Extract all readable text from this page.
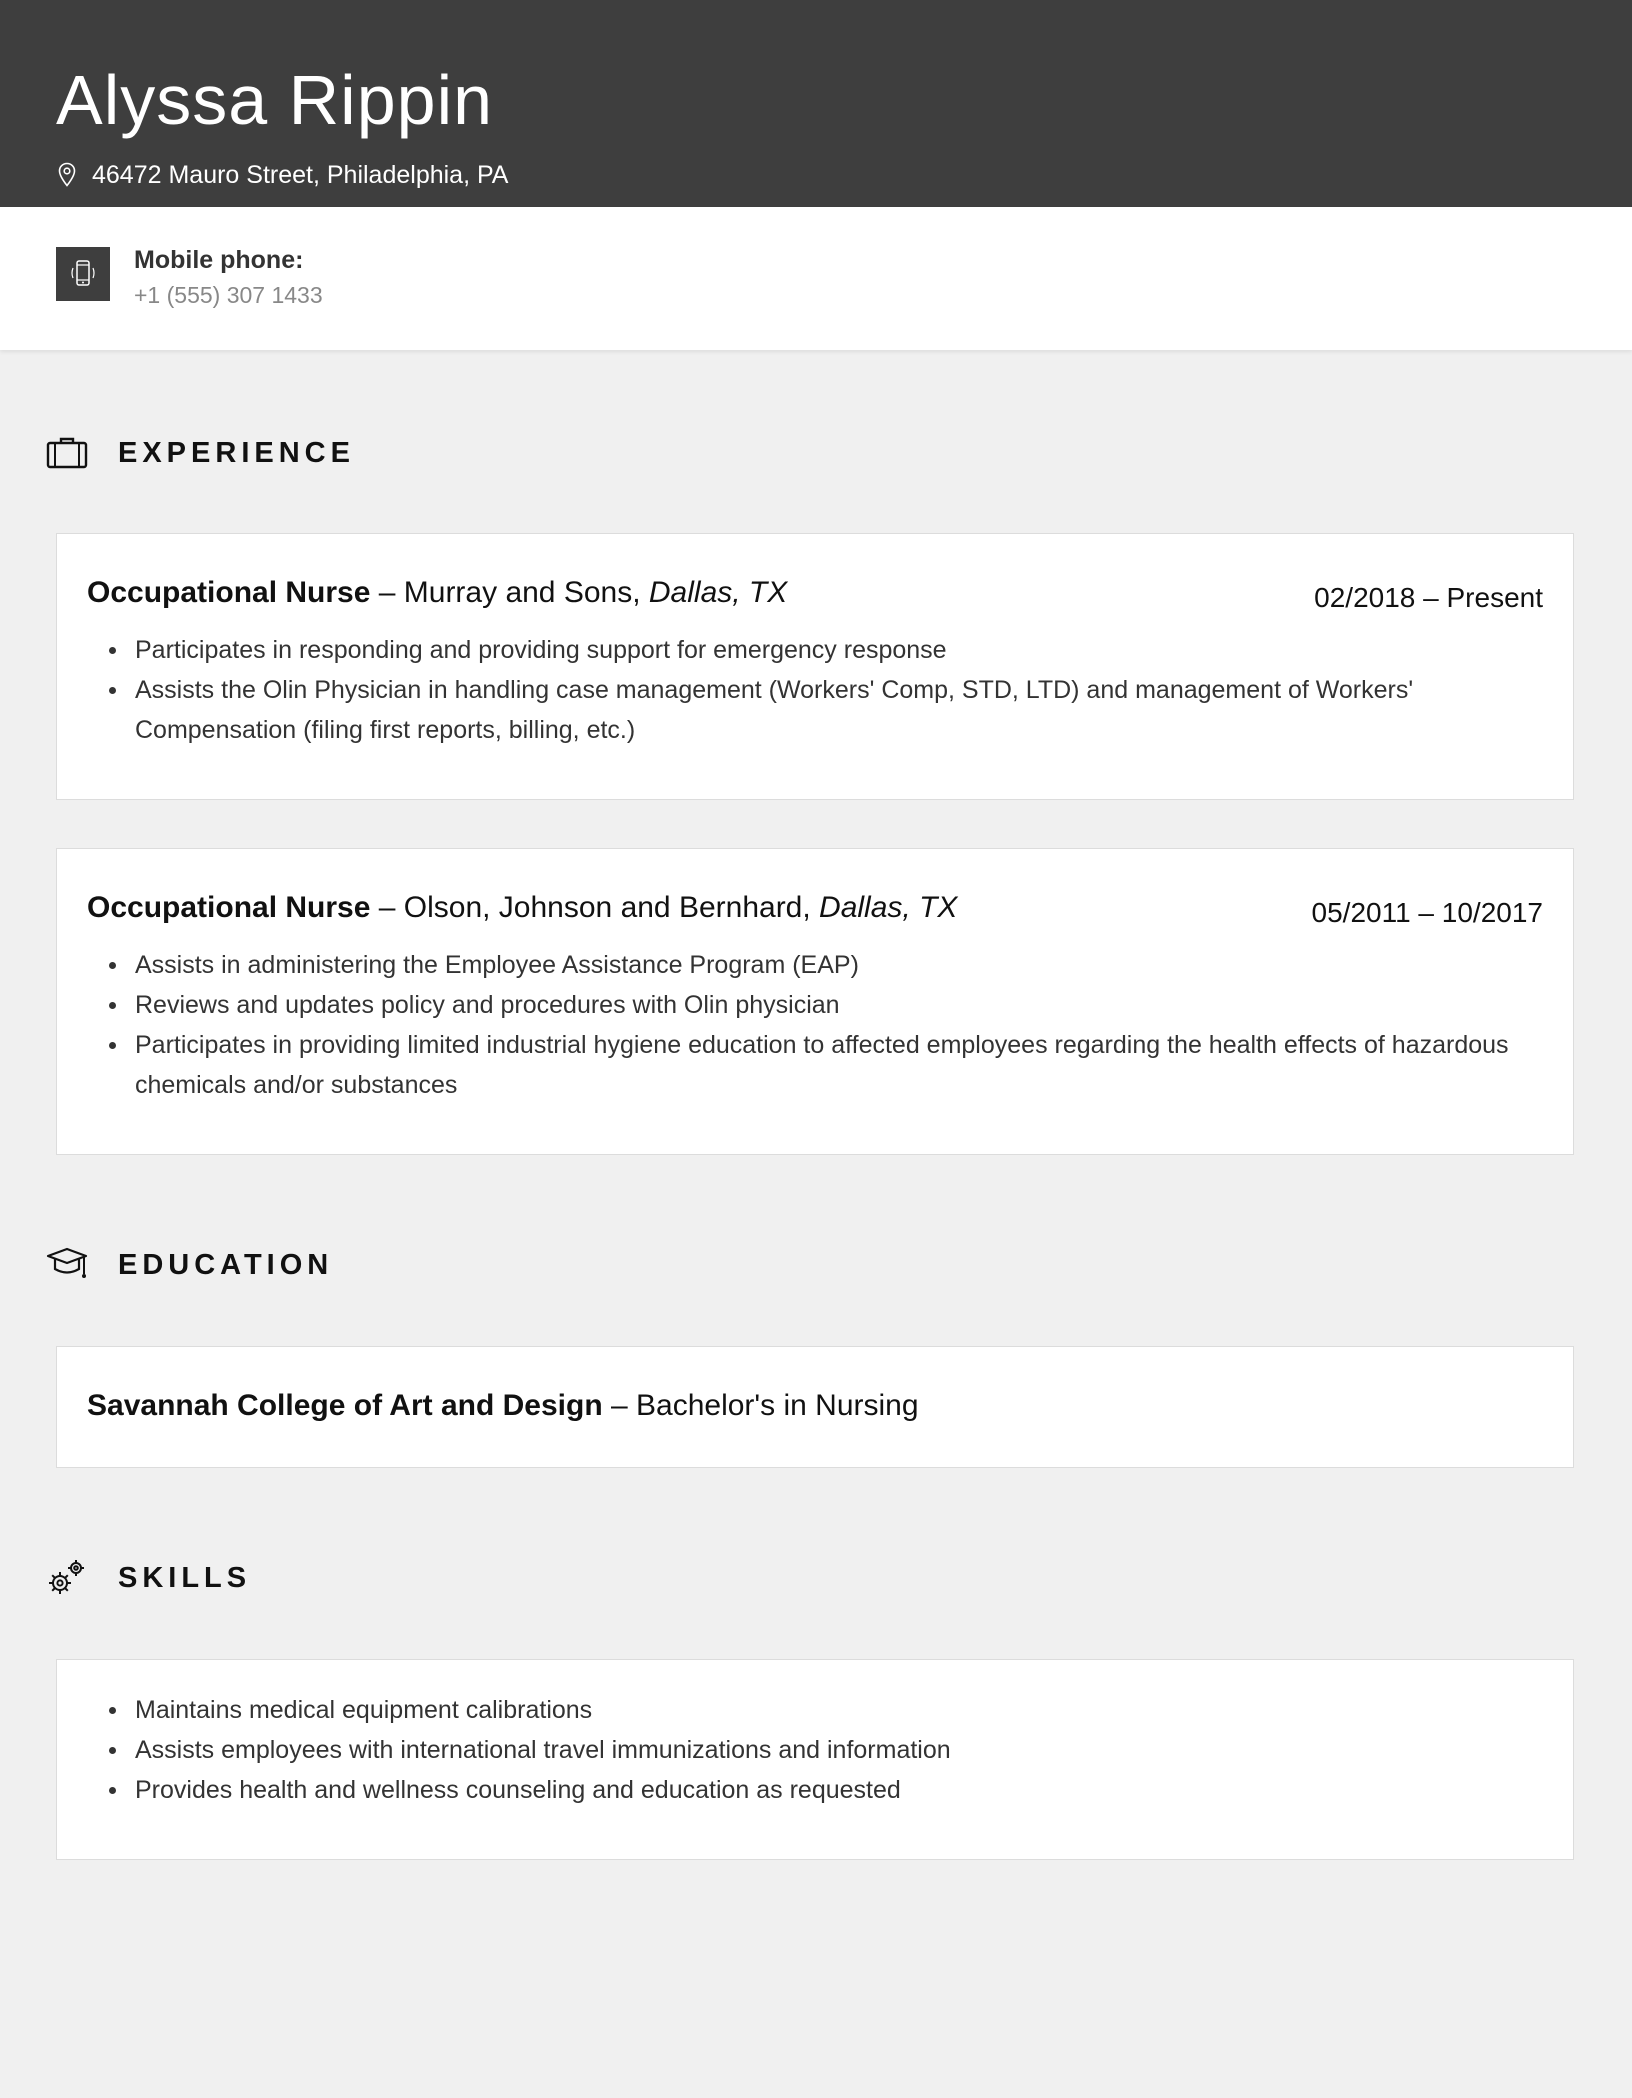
Alyssa Rippin
46472 Mauro Street, Philadelphia, PA
Mobile phone:
+1 (555) 307 1433
EXPERIENCE
Occupational Nurse – Murray and Sons, Dallas, TX	02/2018 – Present
Participates in responding and providing support for emergency response
Assists the Olin Physician in handling case management (Workers' Comp, STD, LTD) and management of Workers' Compensation (filing first reports, billing, etc.)
Occupational Nurse – Olson, Johnson and Bernhard, Dallas, TX	05/2011 – 10/2017
Assists in administering the Employee Assistance Program (EAP)
Reviews and updates policy and procedures with Olin physician
Participates in providing limited industrial hygiene education to affected employees regarding the health effects of hazardous chemicals and/or substances
EDUCATION
Savannah College of Art and Design – Bachelor's in Nursing
SKILLS
Maintains medical equipment calibrations
Assists employees with international travel immunizations and information
Provides health and wellness counseling and education as requested
